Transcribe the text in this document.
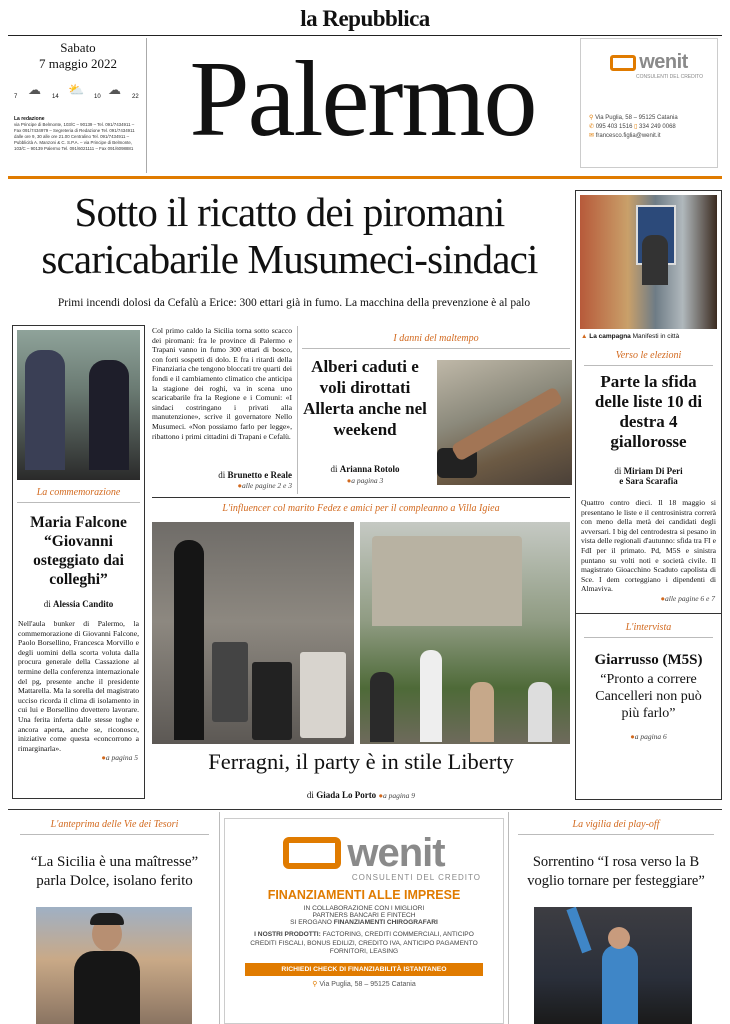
la Repubblica
Sabato
7 maggio 2022
7 ☁ 14 ⛅ 10 ☁ 22
La redazione
via Principe di Belmonte, 103/C – 90139 – Tel. 091/7434911 – Fax 091/7434979 – Segreteria di Redazione Tel. 091/7434911 dalle ore 9, 30 alle ore 21.00 Centralino Tel. 091/7434911 – Pubblicità A. Manzoni & C. S.P.A. – via Principe di Belmonte, 103/C – 90139 Palermo Tel. 091/6021111 – Fax 091/6098881 Palermo	wenit
CONSULENTI DEL CREDITO
⚲ Via Puglia, 58 – 95125 Catania
✆ 095 403 1516 ▯ 334 249 0068
✉ francesco.figlia@wenit.it
Sotto il ricatto dei piromani
scaricabarile Musumeci-sindaci
Primi incendi dolosi da Cefalù a Erice: 300 ettari già in fumo. La macchina della prevenzione è al palo
▲ La campagna Manifesti in città
Verso le elezioni
Parte la sfida delle liste 10 di destra 4 giallorosse
di Miriam Di Peri
e Sara Scarafia
Quattro contro dieci. Il 18 maggio si presentano le liste e il centrosinistra correrà con meno della metà dei candidati degli avversari. I big del centrodestra si pesano in vista delle regionali d'autunno: sfida tra FI e FdI per il primato. Pd, M5S e sinistra puntano su volti noti e società civile. Il magistrato Gioacchino Scaduto capolista di Sce. I dem corteggiano i dipendenti di Almaviva.
● alle pagine 6 e 7
L'intervista
Giarrusso (M5S)
“Pronto a correre Cancelleri non può più farlo”
● a pagina 6

La commemorazione
Maria Falcone “Giovanni osteggiato dai colleghi”
di Alessia Candito
Nell'aula bunker di Palermo, la commemorazione di Giovanni Falcone, Paolo Borsellino, Francesca Morvillo e degli uomini della scorta voluta dalla procura generale della Cassazione al termine della conferenza internazionale del pg, presente anche il presidente Mattarella. Ma la sorella del magistrato ucciso ricorda il clima di isolamento in cui lui e Borsellino dovettero lavorare. Una ferita inferta dalle stesse toghe e ancora aperta, anche se, riconosce, iniziative come questa «concorrono a rimarginarla».
● a pagina 5
Col primo caldo la Sicilia torna sotto scacco dei piromani: fra le province di Palermo e Trapani vanno in fumo 300 ettari di bosco, con forti sospetti di dolo. E fra i ritardi della Finanziaria che tengono bloccati tre quarti dei fondi e il cambiamento climatico che anticipa la stagione dei roghi, va in scena uno scaricabarile fra la Regione e i Comuni: «I sindaci costringano i privati alla manutenzione», scrive il governatore Nello Musumeci. «Non possiamo farlo per legge», ribattono i primi cittadini di Trapani e Cefalù.
di Brunetto e Reale
● alle pagine 2 e 3
I danni del maltempo
Alberi caduti e voli dirottati Allerta anche nel weekend
di Arianna Rotolo
● a pagina 3
L'influencer col marito Fedez e amici per il compleanno a Villa Igiea
Ferragni, il party è in stile Liberty
di Giada Lo Porto ● a pagina 9
L'anteprima delle Vie dei Tesori
“La Sicilia è una maîtresse” parla Dolce, isolano ferito
wenit
CONSULENTI DEL CREDITO
FINANZIAMENTI ALLE IMPRESE
IN COLLABORAZIONE CON I MIGLIORI
PARTNERS BANCARI E FINTECH
SI EROGANO FINANZIAMENTI CHIROGRAFARI
I NOSTRI PRODOTTI: FACTORING, CREDITI COMMERCIALI, ANTICIPO CREDITI FISCALI, BONUS EDILIZI, CREDITO IVA, ANTICIPO PAGAMENTO FORNITORI, LEASING
RICHIEDI CHECK DI FINANZIABILITÀ ISTANTANEO
⚲ Via Puglia, 58 – 95125 Catania
La vigilia dei play-off
Sorrentino “I rosa verso la B voglio tornare per festeggiare”
